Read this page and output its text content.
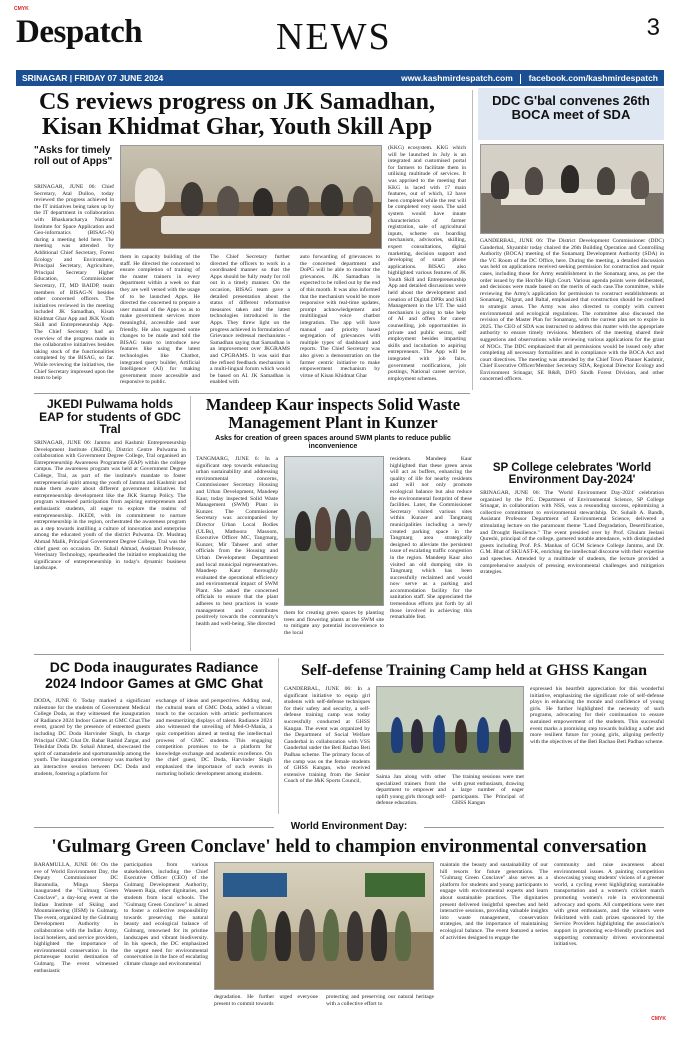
CMYK
Despatch	NEWS	3
SRINAGAR | FRIDAY 07 JUNE 2024	www.kashmirdespatch.com facebook.com/kashmirdespatch
CS reviews progress on JK Samadhan, Kisan Khidmat Ghar, Youth Skill App
"Asks for timely roll out of Apps"
SRINAGAR, JUNE 06: Chief Secretary, Atal Dulloo, today reviewed the progress achieved in the IT initiatives being taken up by the IT department in collaboration with Bhaskaracharya National Institute for Space Application and Geo-informatics (BISAG-N) during a meeting held here. The meeting was attended by Additional Chief Secretary, Forest Ecology and Environment, Principal Secretary, Agriculture, Principal Secretary Higher Education, Commissioner Secretary, IT, MD BAIDP, team members of BISAG-N besides other concerned officers. The initiatives reviewed in the meeting included JK Samadhan, Kisan Khidmat Ghar App and JKK Youth Skill and Entrepreneurship App. The Chief Secretary had an overview of the progress made in the collaborative initiatives besides taking stock of the functionalities completed by the BISAG, so far. While reviewing the initiatives, the Chief Secretary impressed upon the team to help
them in capacity building of the staff. He directed the concerned to ensure completion of training of the master trainers in every department within a week so that they are well versed with the usage of to be launched Apps. He directed the concerned to prepare a user manual of the Apps so as to make government services more meaningful, accessible and user friendly. He also suggested some changes to be made and told the BISAG team to introduce new features like using the latest technologies like Chatbot, integrated query builder, Artificial Intelligence (AI) for making government more accessible and responsive to public.
The Chief Secretary further directed the officers to work in a coordinated manner so that the Apps should be fully ready for roll out in a timely manner. On the occasion, BISAG team gave a detailed presentation about the status of different reformative measures taken and the latest technologies introduced in the Apps. They threw light on the progress achieved in formulation of Grievance redressal mechanisms - Samadhan saying that Samadhan is an improvement over JKGRAMS and CPGRAMS. It was said that the refined feedback mechanism is a multi-lingual forum which would be based on AI. JK Samadhan is enabled with
auto forwarding of grievances to the concerned department and DoPG will be able to monitor the grievances. JK Samadhan is expected to be rolled out by the end of this month. It was also informed that the mechanism would be more responsive with real-time updates, prompt acknowledgement and multilingual voice chatbot integration. The app will have manual and priority based segregation of grievances with multiple types of dashboard and reports. The Chief Secretary was also given a demonstration on the farmer centric initiative to make empowerment mechanism by virtue of Kisan Khidmat Ghar
(KKG) ecosystem. KKG which will be launched in July is an integrated and customised portal for farmers to facilitate them in utilising multitude of services. It was apprised to the meeting that KKG is laced with 17 main features, out of which, 12 have been completed while the rest will be completed very soon. The said system would have innate characteristics of farmer registration, sale of agricultural inputs, scheme on boarding mechanism, advisories, skilling, expert consultations, digital marketing, decision support and developing of smart phone applications. BISAG also highlighted various features of JK Youth Skill and Entrepreneurship App and detailed discussions were held about the development and creation of Digital DPRs and Skill Management in the UT. The said mechanism is going to take help of AI and offers for career counselling, job opportunities in private and public sector, self employment besides imparting skills and incubation to aspiring entrepreneurs. The App will be integrated with job fairs, government notifications, job postings, National career service, employment schemes.
DDC G'bal convenes 26th BOCA meet of SDA
GANDERBAL, JUNE 06: The District Development Commissioner (DDC) Ganderbal, Shyambir today chaired the 26th Building Operation and Controlling Authority (BOCA) meeting of the Sonamarg Development Authority (SDA) in the VC Room of the DC Office, here. During the meeting, a detailed discussion was held on applications received seeking permission for construction and repair cases, including those for Army establishment in the Sonamarg area, as per the order issued by the Hon'ble High Court. Various agenda points were deliberated, and decisions were made based on the merits of each case.The committee, while reviewing the Army's application for permission to construct establishments at Sonamarg, Nilgrat, and Baltal, emphasized that construction should be confined to strategic areas. The Army was also directed to comply with current environmental and ecological regulations. The committee also discussed the revision of the Master Plan for Sonamarg, with the current plan set to expire in 2025. The CEO of SDA was instructed to address this matter with the appropriate authority to ensure timely revisions. Members of the meeting shared their suggestions and observations while reviewing various applications for the grant of NOCs. The DDC emphasized that all permissions would be issued only after completing all necessary formalities and in compliance with the BOCA Act and court directives. The meeting was attended by the Chief Town Planner Kashmir, Chief Executive Officer/Member Secretary SDA, Regional Director Ecology and Environment Srinagar, SE R&B, DFO Sindh Forest Division, and other concerned officers.
SP College celebrates 'World Environment Day-2024'
SRINAGAR, JUNE 06: The 'World Environment Day-2024' celebration organized by the P.G. Department of Environmental Science, SP College Srinagar, in collaboration with NSS, was a resounding success, epitomizing a collective commitment to environmental stewardship. Dr. Suhaib A. Bandh, Assistant Professor Department of Environmental Science, delivered a stimulating lecture on the paramount theme "Land Degradation, Desertification, and Drought Resilience." The event presided over by Prof. Ghulam Jeelani Qureshi, principal of the college, garnered notable attendance, with distinguished guests including Prof. P.S. Manhas of GCM Science College Jammu, and Dr. G.M. Bhat of SKUAST-K, enriching the intellectual discourse with their expertise and speeches. Attended by a multitude of students, the lecture provided a comprehensive analysis of pressing environmental challenges and mitigation strategies.
JKEDI Pulwama holds EAP for students of GDC Tral
SRINAGAR, JUNE 06: Jammu and Kashmir Entrepreneurship Development Institute (JKEDI), District Centre Pulwama in collaboration with Government Degree College, Tral organised an Entrepreneurship Awareness Programme (EAP) within the college campus. The awareness program was held at Government Degree College, Tral, as part of the institute's mandate to foster entrepreneurial spirit among the youth of Jammu and Kashmir and make them aware about different government initiatives for entrepreneurship development like the JKK Startup Policy. The program witnessed participation from aspiring entrepreneurs and enthusiastic students, all eager to explore the realms of entrepreneurship. JKEDI, with its commitment to nurture entrepreneurship in the region, orchestrated the awareness program as a step towards instilling a culture of innovation and enterprise among the educated youth of the district Pulwama. Dr. Mushtaq Ahmad Malik, Principal Government Degree College, Tral was the chief guest on occasion. Dr. Suhail Ahmad, Assistant Professor, Veterinary Technology, spearheaded the initiative emphasizing the significance of entrepreneurship in today's dynamic business landscape.
Mandeep Kaur inspects Solid Waste Management Plant in Kunzer
Asks for creation of green spaces around SWM plants to reduce public inconvenience
TANGMARG, JUNE 6: In a significant step towards enhancing urban sustainability and addressing environmental concerns, Commissioner Secretary Housing and Urban Development, Mandeep Kaur, today inspected Solid Waste Management (SWM) Plant in Kunzer. The Commissioner Secretary was accompanied by Director Urban Local Bodies (ULBs), Mathoora Masoom, Executive Officer MC, Tangmarg, Kunzer, Mir Tahseer and other officials from the Housing and Urban Development Department and local municipal representatives. Mandeep Kaur thoroughly evaluated the operational efficiency and environmental impact of SWM Plant. She asked the concerned officials to ensure that the plant adheres to best practices in waste management and contributes positively towards the community's health and well-being. She directed
them for creating green spaces by planting trees and flowering plants at the SWM site to mitigate any potential inconvenience to the local
residents. Mandeep Kaur highlighted that these green areas will act as buffers, enhancing the quality of life for nearby residents and will not only promote ecological balance but also reduce the environmental footprint of these facilities. Later, the Commissioner Secretary visited various sites within Kunzer and Tangmarg municipalities including a newly created parking space in the Tangmarg area strategically designed to alleviate the persistent issue of escalating traffic congestion in the region. Mandeep Kaur also visited an old dumping site in Tangmarg which has been successfully reclaimed and would now serve as a parking and accommodation facility for the sanitation staff. She appreciated the tremendous efforts put forth by all those involved in achieving this remarkable feat.
DC Doda inaugurates Radiance 2024 Indoor Games at GMC Ghat
DODA, JUNE 6: Today marked a significant milestone for the students of Government Medical College Doda, as they witnessed the inauguration of Radiance 2024 Indoor Games at GMC Ghat.The event, graced by the presence of esteemed guests including DC Doda Harvinder Singh, In charge Principal GMC Ghat Dr. Bahar Rashid Zargar, and Tehsildar Doda Dr. Sohail Ahmed, showcased the spirit of camaraderie and sportsmanship among the youth. The inauguration ceremony was marked by an interactive session between DC Doda and students, fostering a platform for
exchange of ideas and perspectives. Adding zeal, the cultural team of GMC Doda, added a vibrant touch to the occasion with artistic performances and mesmerizing displays of talent. Radiance 2024 also witnessed the unveiling of Med-O-Mania, a quiz competition aimed at testing the intellectual prowess of GMC students. This engaging competition promises to be a platform for knowledge exchange and academic excellence. On the chief guest, DC Doda, Harvinder Singh emphasized the importance of such events in nurturing holistic development among students.
Self-defense Training Camp held at GHSS Kangan
GANDERBAL, JUNE 06: In a significant initiative to equip girl students with self-defense techniques for their safety and security, a self-defense training camp was today successfully conducted at GHSS Kangan. The event was organized by the Department of Social Welfare Ganderbal in collaboration with VSS Ganderbal under the Beti Bachao Beti Padhao scheme. The primary focus of the camp was on the female students of GHSS Kangan, who received extensive training from the Senior Coach of the J&K Sports Council,
Saima Jan along with other specialized trainers from the department to empower and uplift young girls through self-defense education.
The training sessions were met with great enthusiasm, drawing a large number of eager participants. The Principal of GHSS Kangan
expressed his heartfelt appreciation for this wonderful initiative, emphasizing the significant role of self-defense plays in enhancing the morale and confidence of young girls. He further highlighted the necessity of such programs, advocating for their continuation to ensure sustained empowerment of the students. This successful event marks a promising step towards building a safer and more resilient future for young girls, aligning perfectly with the objectives of the Beti Bachao Beti Padhao scheme.
World Environment Day:
'Gulmarg Green Conclave' held to champion environmental conversation
BARAMULLA, JUNE 06: On the eve of World Environment Day, the Deputy Commissioner DC Baramulla, Minga Sherpa inaugurated the "Gulmarg Green Conclave", a day-long event at the Indian Institute of Skiing and Mountaineering (IISM) in Gulmarg. The event, organized by the Gulmarg Development Authority in collaboration with the Indian Army, local hoteliers, and service providers, highlighted the importance of environmental conservation in the picturesque tourist destination of Gulmarg. The event witnessed enthusiastic
participation from various stakeholders, including the Chief Executive Officer (CEO) of the Gulmarg Development Authority, Waseem Raja, other dignitaries, and students from local schools. The "Gulmarg Green Conclave" is aimed to foster a collective responsibility towards preserving the natural beauty and ecological balance of Gulmarg, renowned for its pristine landscapes and vibrant biodiversity. In his speech, the DC emphasized the urgent need for environmental conservation in the face of escalating climate change and environmental
degradation. He further urged everyone present to commit towards
protecting and preserving our natural heritage with a collective effort to
maintain the beauty and sustainability of our hill resorts for future generations. The "Gulmarg Green Conclave" also serves as a platform for students and young participants to engage with environmental experts and learn about sustainable practices. The dignitaries present delivered insightful speeches and held interactive sessions, providing valuable insights into waste management, conservation strategies, and the importance of maintaining ecological balance. The event featured a series of activities designed to engage the
community and raise awareness about environmental issues. A painting competition showcasing young students' visions of a greener world, a cycling event highlighting sustainable transportation and a women's cricket match promoting women's role in environmental advocacy and sports. All competitions were met with great enthusiasm, and the winners were felicitated with cash prizes sponsored by the Service Providers highlighting the association's support in promoting eco-friendly practices and supporting community driven environmental initiatives.
CMYK
